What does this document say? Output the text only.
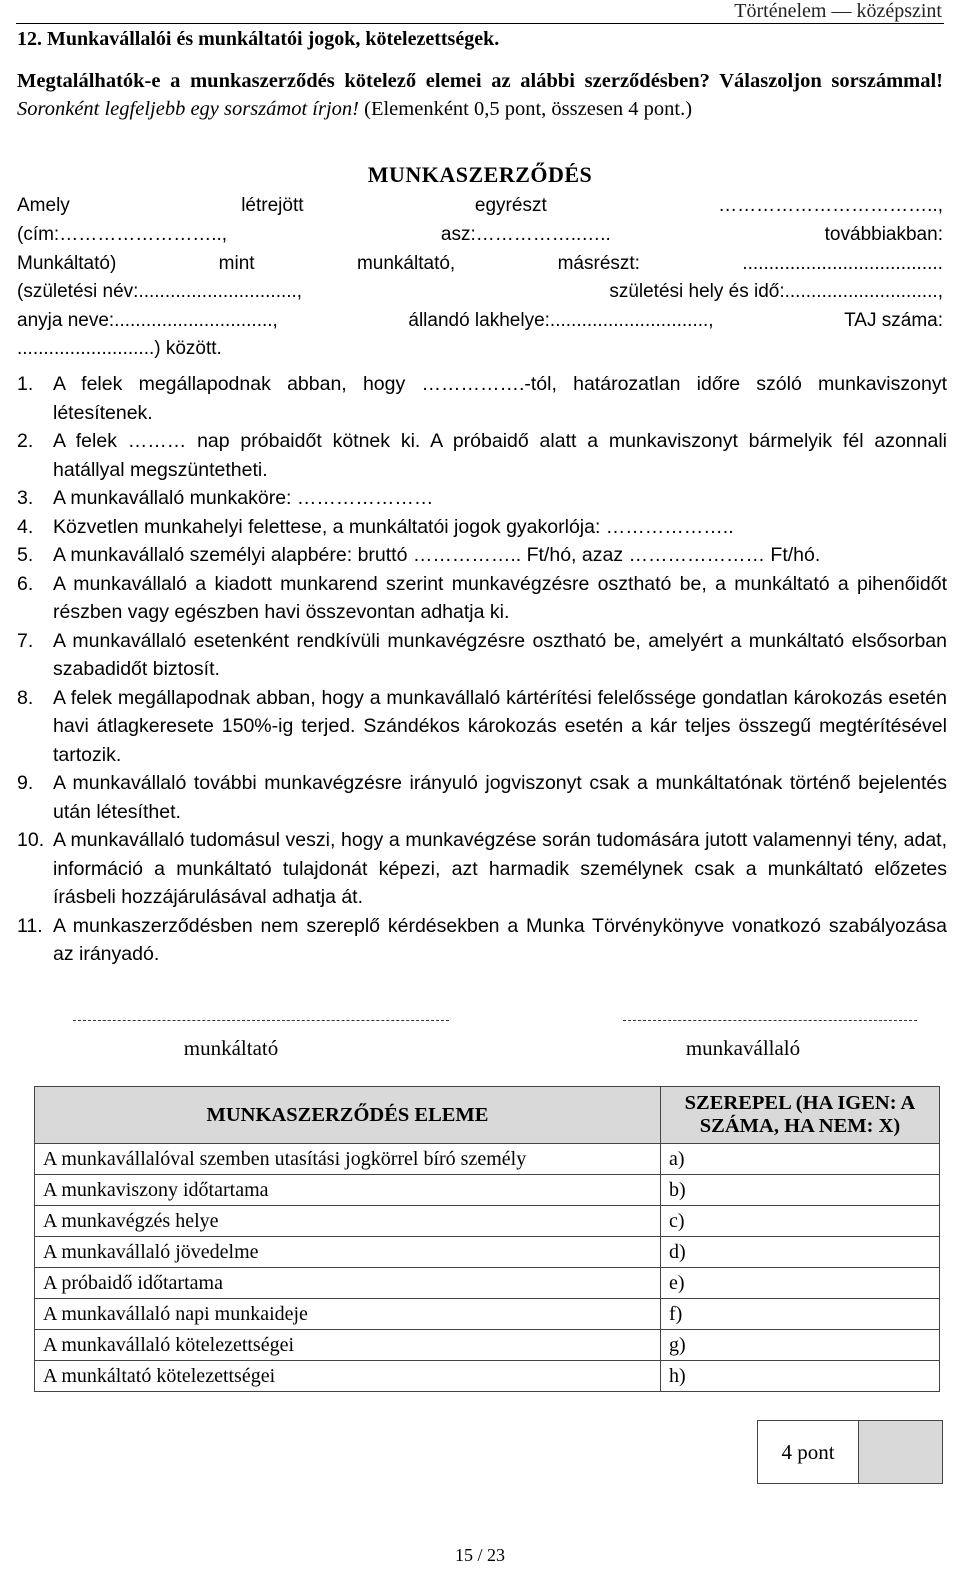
Történelem — középszint
12. Munkavállalói és munkáltatói jogok, kötelezettségek.
Megtalálhatók-e a munkaszerződés kötelező elemei az alábbi szerződésben? Válaszoljon sorszámmal! Soronként legfeljebb egy sorszámot írjon! (Elemenként 0,5 pont, összesen 4 pont.)
MUNKASZERZŐDÉS
Amely	létrejött	egyrészt	……………………………..,
(cím:……………………..,	asz:……………..…..	továbbiakban:
Munkáltató)	mint	munkáltató,	másrészt:	......................................
(születési név:..............................,	születési hely és idő:.............................,
anyja neve:..............................,	állandó lakhelye:..............................,	TAJ száma:
..........................) között.
1.	A felek megállapodnak abban, hogy …………….-tól, határozatlan időre szóló munkaviszonyt létesítenek.
2.	A felek ……… nap próbaidőt kötnek ki. A próbaidő alatt a munkaviszonyt bármelyik fél azonnali hatállyal megszüntetheti.
3.	A munkavállaló munkaköre: …………………
4.	Közvetlen munkahelyi felettese, a munkáltatói jogok gyakorlója: ………………..
5.	A munkavállaló személyi alapbére: bruttó …………….. Ft/hó, azaz ………………… Ft/hó.
6.	A munkavállaló a kiadott munkarend szerint munkavégzésre osztható be, a munkáltató a pihenőidőt részben vagy egészben havi összevontan adhatja ki.
7.	A munkavállaló esetenként rendkívüli munkavégzésre osztható be, amelyért a munkáltató elsősorban szabadidőt biztosít.
8.	A felek megállapodnak abban, hogy a munkavállaló kártérítési felelőssége gondatlan károkozás esetén havi átlagkeresete 150%-ig terjed. Szándékos károkozás esetén a kár teljes összegű megtérítésével tartozik.
9.	A munkavállaló további munkavégzésre irányuló jogviszonyt csak a munkáltatónak történő bejelentés után létesíthet.
10. A munkavállaló tudomásul veszi, hogy a munkavégzése során tudomására jutott valamennyi tény, adat, információ a munkáltató tulajdonát képezi, azt harmadik személynek csak a munkáltató előzetes írásbeli hozzájárulásával adhatja át.
11. A munkaszerződésben nem szereplő kérdésekben a Munka Törvénykönyve vonatkozó szabályozása az irányadó.
munkáltató	munkavállaló
MUNKASZERZŐDÉS ELEME	SZEREPEL (HA IGEN: A SZÁMA, HA NEM: X)
A munkavállalóval szemben utasítási jogkörrel bíró személy	a)
A munkaviszony időtartama	b)
A munkavégzés helye	c)
A munkavállaló jövedelme	d)
A próbaidő időtartama	e)
A munkavállaló napi munkaideje	f)
A munkavállaló kötelezettségei	g)
A munkáltató kötelezettségei	h)
4 pont
15 / 23
